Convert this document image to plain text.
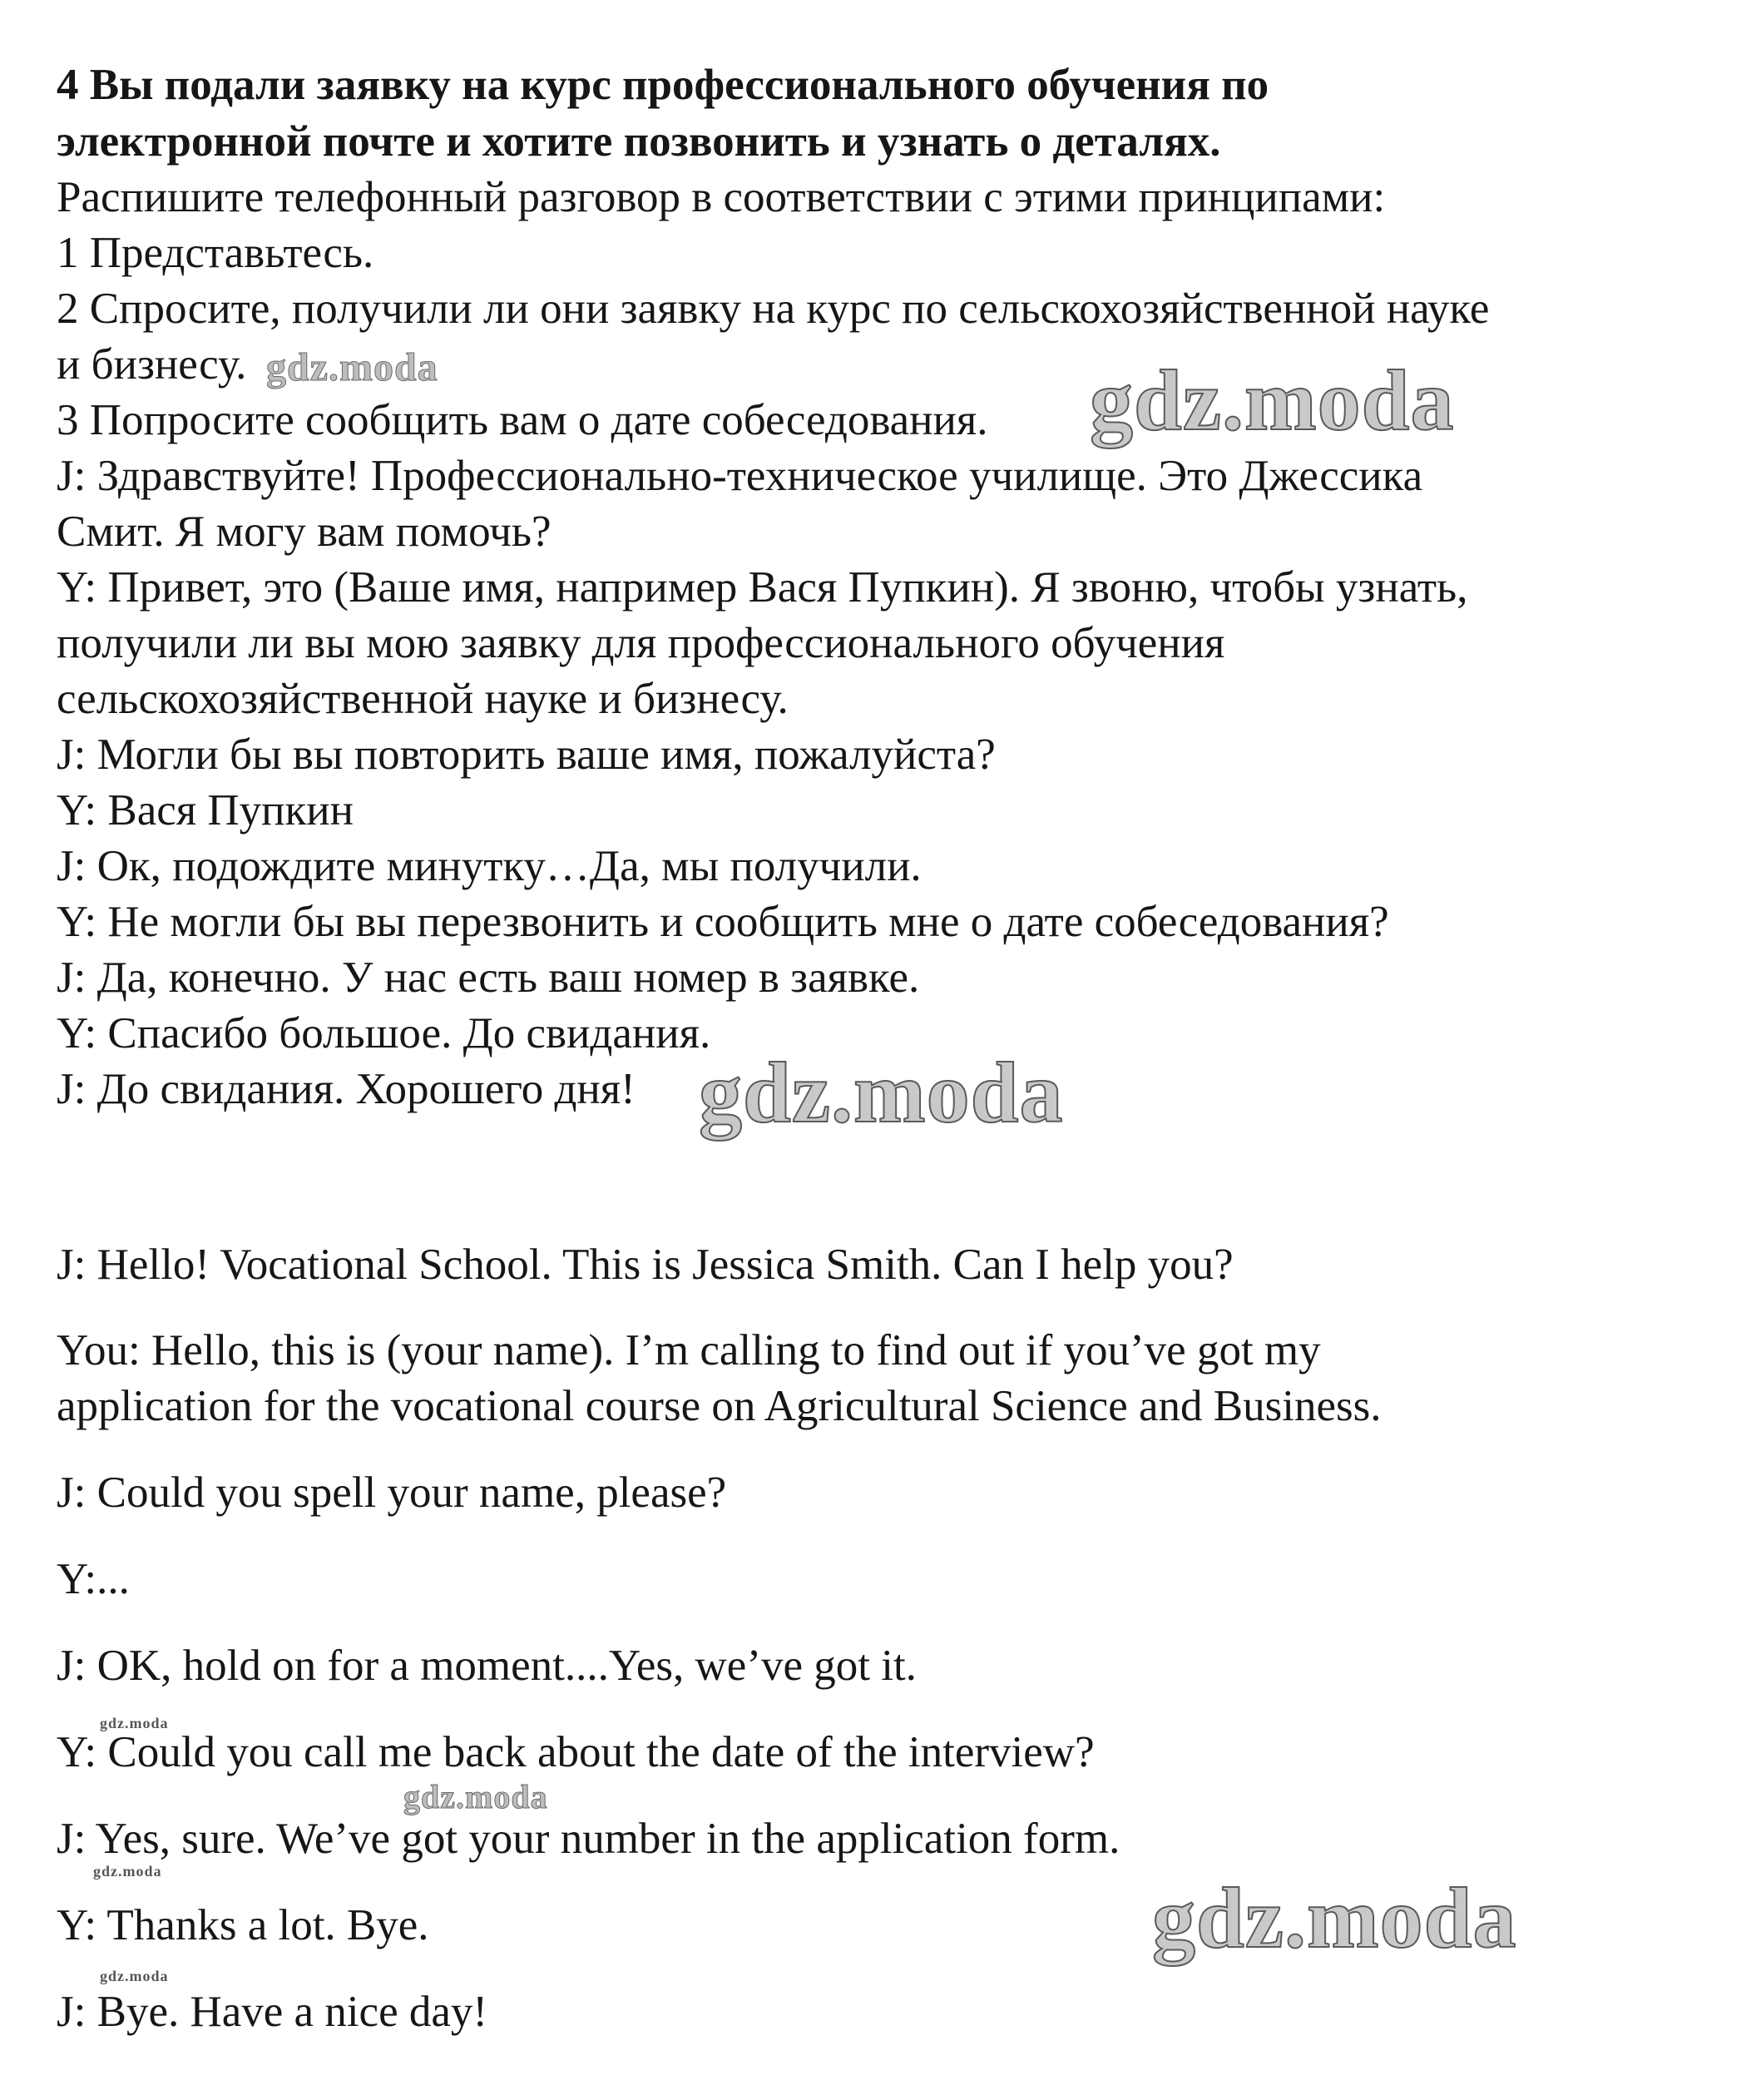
4 Вы подали заявку на курс профессионального обучения по
электронной почте и хотите позвонить и узнать о деталях.
Распишите телефонный разговор в соответствии с этими принципами:
1 Представьтесь.
2 Спросите, получили ли они заявку на курс по сельскохозяйственной науке
и бизнесу.
3 Попросите сообщить вам о дате собеседования.
J: Здравствуйте! Профессионально-техническое училище. Это Джессика
Смит. Я могу вам помочь?
Y: Привет, это (Ваше имя, например Вася Пупкин). Я звоню, чтобы узнать,
получили ли вы мою заявку для профессионального обучения
сельскохозяйственной науке и бизнесу.
J: Могли бы вы повторить ваше имя, пожалуйста?
Y: Вася Пупкин
J: Ок, подождите минутку…Да, мы получили.
Y: Не могли бы вы перезвонить и сообщить мне о дате собеседования?
J: Да, конечно. У нас есть ваш номер в заявке.
Y: Спасибо большое. До свидания.
J: До свидания. Хорошего дня!
J: Hello! Vocational School. This is Jessica Smith. Can I help you?
You: Hello, this is (your name). I’m calling to find out if you’ve got my
application for the vocational course on Agricultural Science and Business.
J: Could you spell your name, please?
Y:...
J: OK, hold on for a moment....Yes, we’ve got it.
Y: Could you call me back about the date of the interview?
J: Yes, sure. We’ve got your number in the application form.
Y: Thanks a lot. Bye.
J: Bye. Have a nice day!
gdz.moda	gdz.moda
gdz.moda
gdz.moda
gdz.moda
gdz.moda	gdz.moda
gdz.moda
